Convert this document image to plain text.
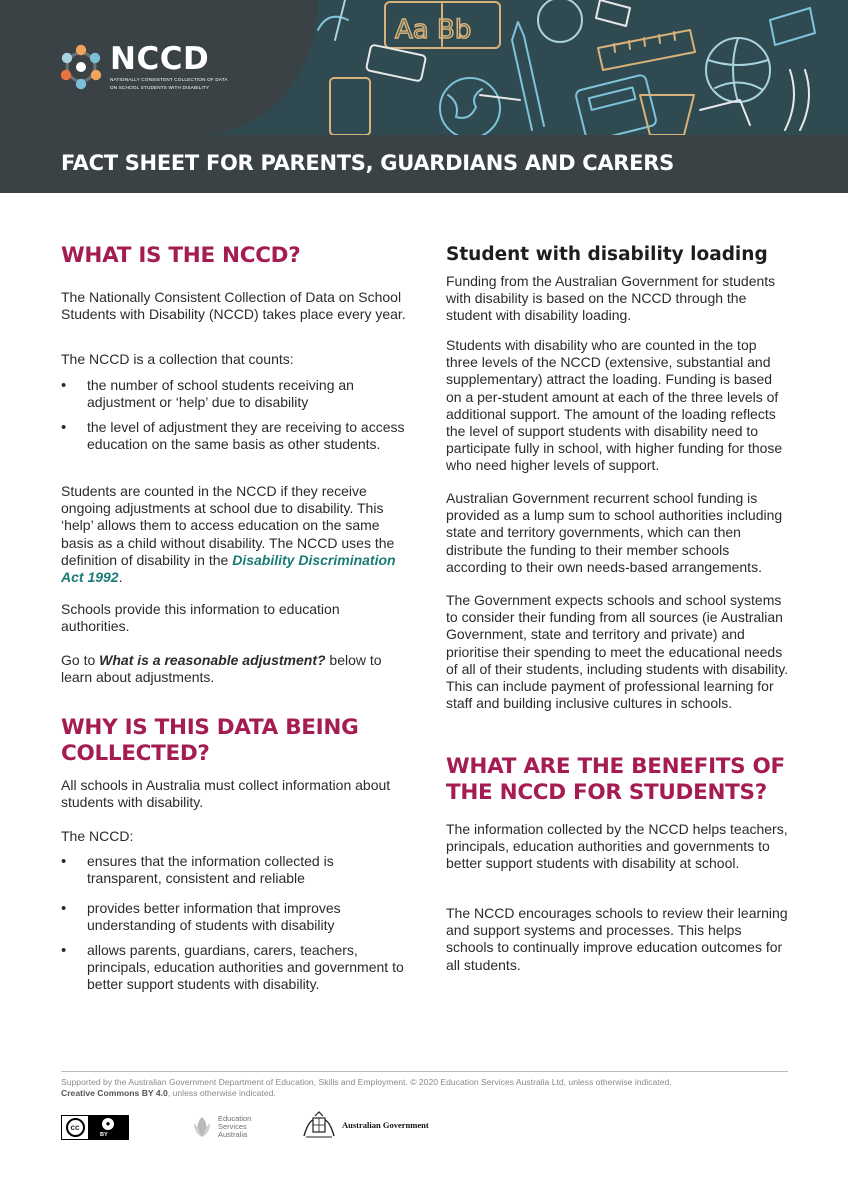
Aa Bb
NCCD
NATIONALLY CONSISTENT COLLECTION OF DATA
ON SCHOOL STUDENTS WITH DISABILITY
FACT SHEET FOR PARENTS, GUARDIANS AND CARERS
WHAT IS THE NCCD?
The Nationally Consistent Collection of Data on School Students with Disability (NCCD) takes place every year.
The NCCD is a collection that counts:
• the number of school students receiving an adjustment or ‘help’ due to disability
• the level of adjustment they are receiving to access education on the same basis as other students.
Students are counted in the NCCD if they receive ongoing adjustments at school due to disability. This ‘help’ allows them to access education on the same basis as a child without disability. The NCCD uses the definition of disability in the Disability Discrimination Act 1992.
Schools provide this information to education authorities.
Go to What is a reasonable adjustment? below to learn about adjustments.
WHY IS THIS DATA BEING
COLLECTED?
All schools in Australia must collect information about students with disability.
The NCCD:
• ensures that the information collected is transparent, consistent and reliable
• provides better information that improves understanding of students with disability
• allows parents, guardians, carers, teachers, principals, education authorities and government to better support students with disability.
Student with disability loading
Funding from the Australian Government for students with disability is based on the NCCD through the student with disability loading.
Students with disability who are counted in the top three levels of the NCCD (extensive, substantial and supplementary) attract the loading. Funding is based on a per-student amount at each of the three levels of additional support. The amount of the loading reflects the level of support students with disability need to participate fully in school, with higher funding for those who need higher levels of support.
Australian Government recurrent school funding is provided as a lump sum to school authorities including state and territory governments, which can then distribute the funding to their member schools according to their own needs-based arrangements.
The Government expects schools and school systems to consider their funding from all sources (ie Australian Government, state and territory and private) and prioritise their spending to meet the educational needs of all of their students, including students with disability. This can include payment of professional learning for staff and building inclusive cultures in schools.
WHAT ARE THE BENEFITS OF
THE NCCD FOR STUDENTS?
The information collected by the NCCD helps teachers, principals, education authorities and governments to better support students with disability at school.
The NCCD encourages schools to review their learning and support systems and processes. This helps schools to continually improve education outcomes for all students.
Supported by the Australian Government Department of Education, Skills and Employment. © 2020 Education Services Australia Ltd, unless otherwise indicated.
Creative Commons BY 4.0, unless otherwise indicated.
cc	●
BY
Education
Services
Australia
Australian Government
